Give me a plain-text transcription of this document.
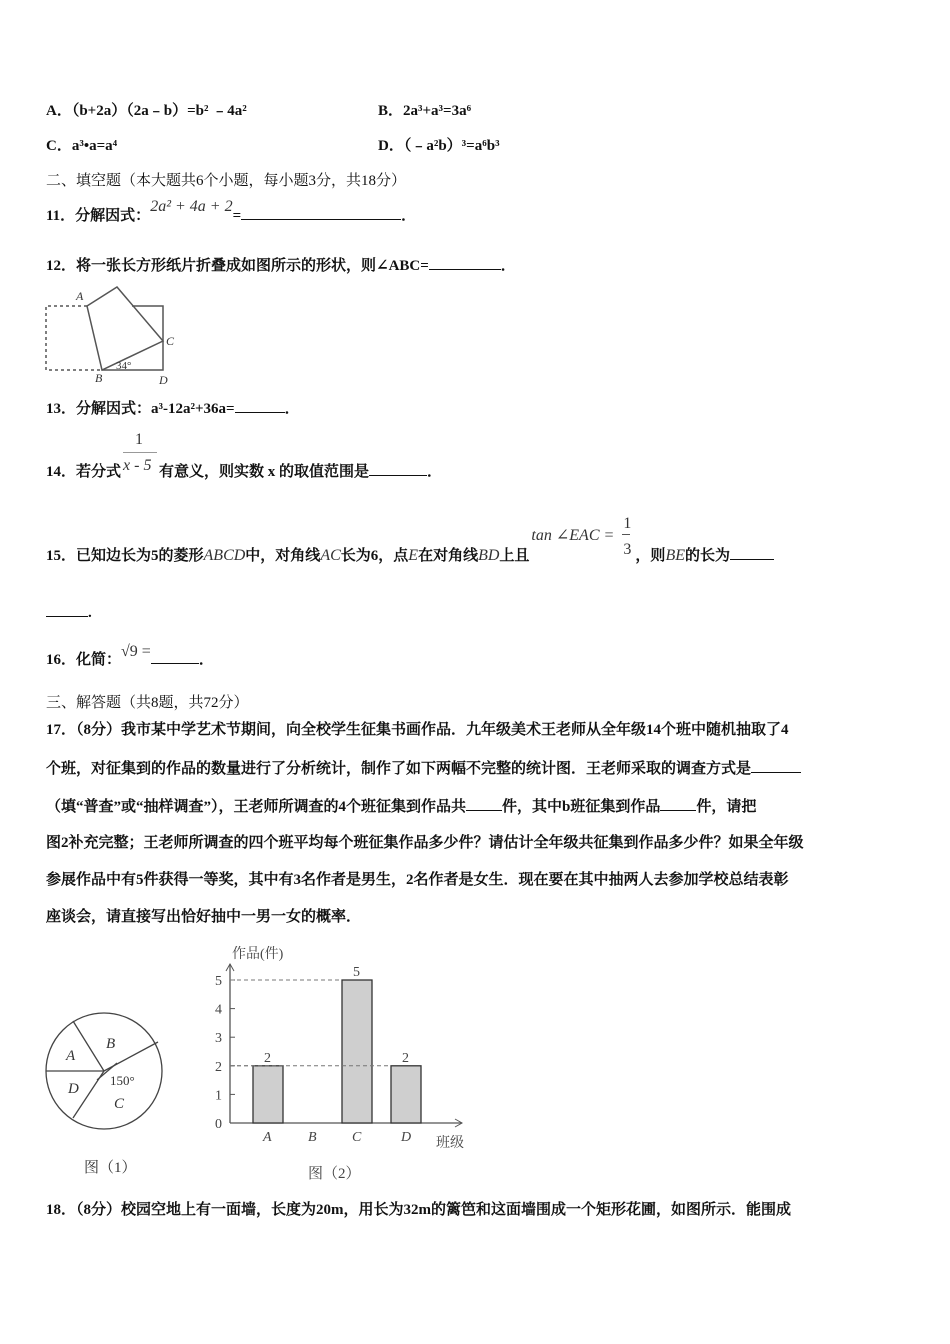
A．（b+2a）（2a﹣b）=b² ﹣4a²	B．2a³+a³=3a⁶
C．a³•a=a⁴	D．（﹣a²b）³=a⁶b³
二、填空题（本大题共6个小题，每小题3分，共18分）
11．分解因式：2a² + 4a + 2=	．
12．将一张长方形纸片折叠成如图所示的形状，则∠ABC=	．
A
C
B	D
34°
A
B
C
D
150°
图（1）
0
1
2
3
4
5
A
2
B	C
5
D
2
作品(件)
班级
图（2）
13．分解因式：a³-12a²+36a=	．
14．若分式 $\frac{1}{x - 5}$ 有意义，则实数 x 的取值范围是	．
15．已知边长为5的菱形ABCD中，对角线AC长为6，点E在对角线BD上且
tan ∠EAC =
1
3 ，则BE的长为
.
16．化简：√9 =	．
三、解答题（共8题，共72分）
17．（8分）我市某中学艺术节期间，向全校学生征集书画作品．九年级美术王老师从全年级14个班中随机抽取了4
个班，对征集到的作品的数量进行了分析统计，制作了如下两幅不完整的统计图．王老师采取的调查方式是
（填“普查”或“抽样调查”），王老师所调查的4个班征集到作品共 件，其中b班征集到作品 件，请把
图2补充完整；王老师所调查的四个班平均每个班征集作品多少件？请估计全年级共征集到作品多少件？如果全年级
参展作品中有5件获得一等奖，其中有3名作者是男生，2名作者是女生．现在要在其中抽两人去参加学校总结表彰
座谈会，请直接写出恰好抽中一男一女的概率．
18．（8分）校园空地上有一面墙，长度为20m，用长为32m的篱笆和这面墙围成一个矩形花圃，如图所示．能围成
